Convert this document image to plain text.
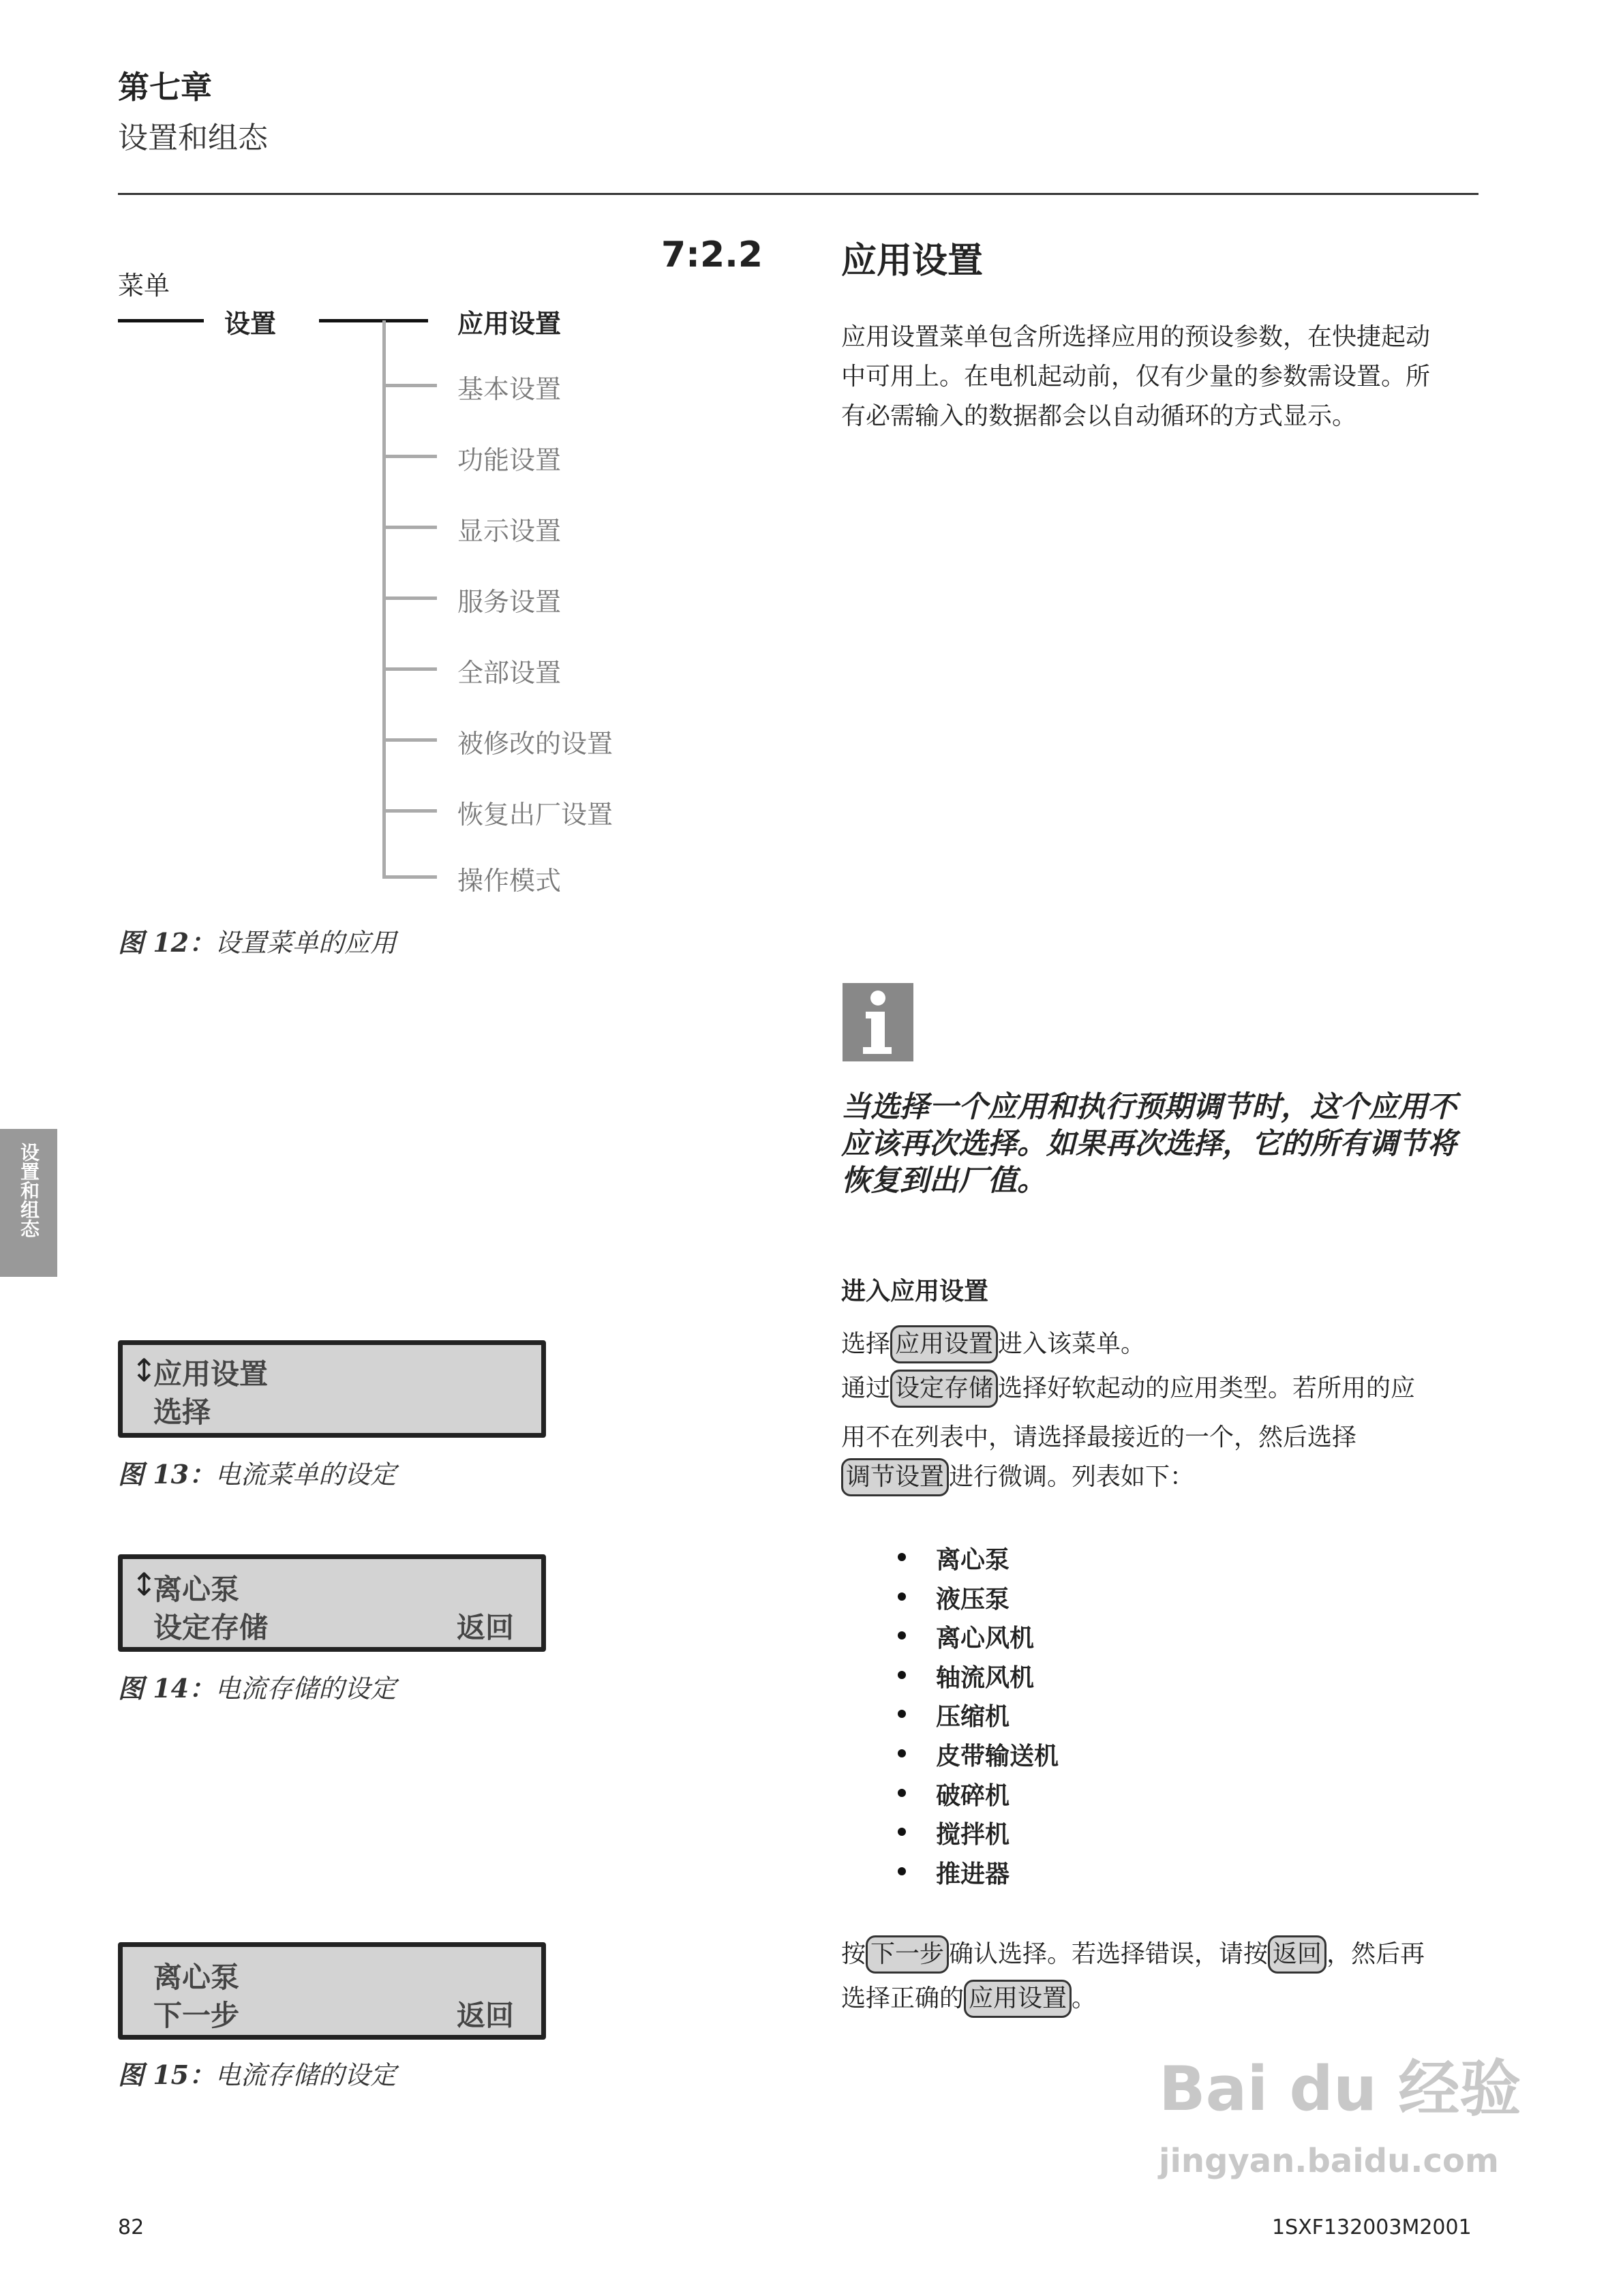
第七章
设置和组态
设置和组态
菜单
设置	应用设置
基本设置
功能设置
显示设置
服务设置
全部设置
被修改的设置
恢复出厂设置
操作模式
图 12：设置菜单的应用
7:2.2 应用设置
应用设置菜单包含所选择应用的预设参数，在快捷起动
中可用上。在电机起动前，仅有少量的参数需设置。所
有必需输入的数据都会以自动循环的方式显示。
当选择一个应用和执行预期调节时，这个应用不
应该再次选择。如果再次选择，它的所有调节将
恢复到出厂值。
进入应用设置
选择 应用设置 进入该菜单。
通过 设定存储 选择好软起动的应用类型。若所用的应
用不在列表中，请选择最接近的一个，然后选择
调节设置 进行微调。列表如下：
离心泵
液压泵
离心风机
轴流风机
压缩机
皮带输送机
破碎机
搅拌机
推进器
按 下一步 确认选择。若选择错误，请按 返回 ，然后再
选择正确的 应用设置 。
↕
应用设置
选择
图 13：电流菜单的设定
↕
离心泵
设定存储	返回
图 14：电流存储的设定
离心泵
下一步	返回
图 15：电流存储的设定
82	1SXF132003M2001
Bai du 经验
jingyan.baidu.com
